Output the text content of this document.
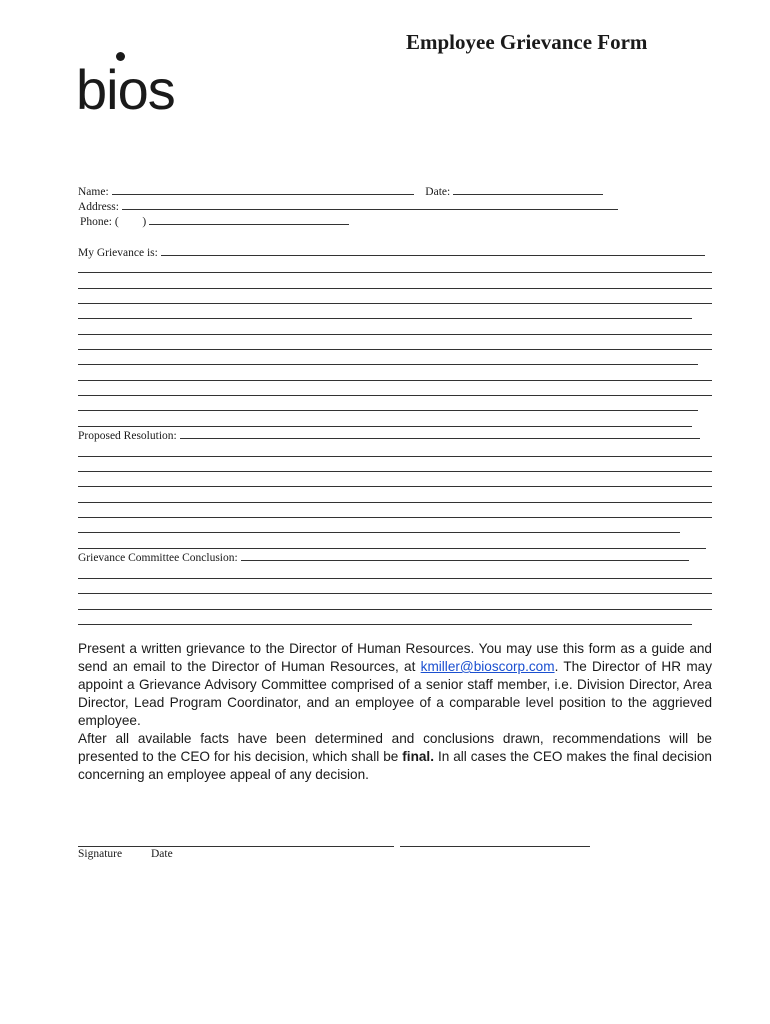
Employee Grievance Form
bios
Name:	Date:
Address:
Phone: ( )
My Grievance is:
Proposed Resolution:
Grievance Committee Conclusion:

Present a written grievance to the Director of Human Resources. You may use this form as a guide and send an email to the Director of Human Resources, at kmiller@bioscorp.com. The Director of HR may appoint a Grievance Advisory Committee comprised of a senior staff member, i.e. Division Director, Area Director, Lead Program Coordinator, and an employee of a comparable level position to the aggrieved employee.

After all available facts have been determined and conclusions drawn, recommendations will be presented to the CEO for his decision, which shall be final. In all cases the CEO makes the final decision concerning an employee appeal of any decision.

Signature	Date
